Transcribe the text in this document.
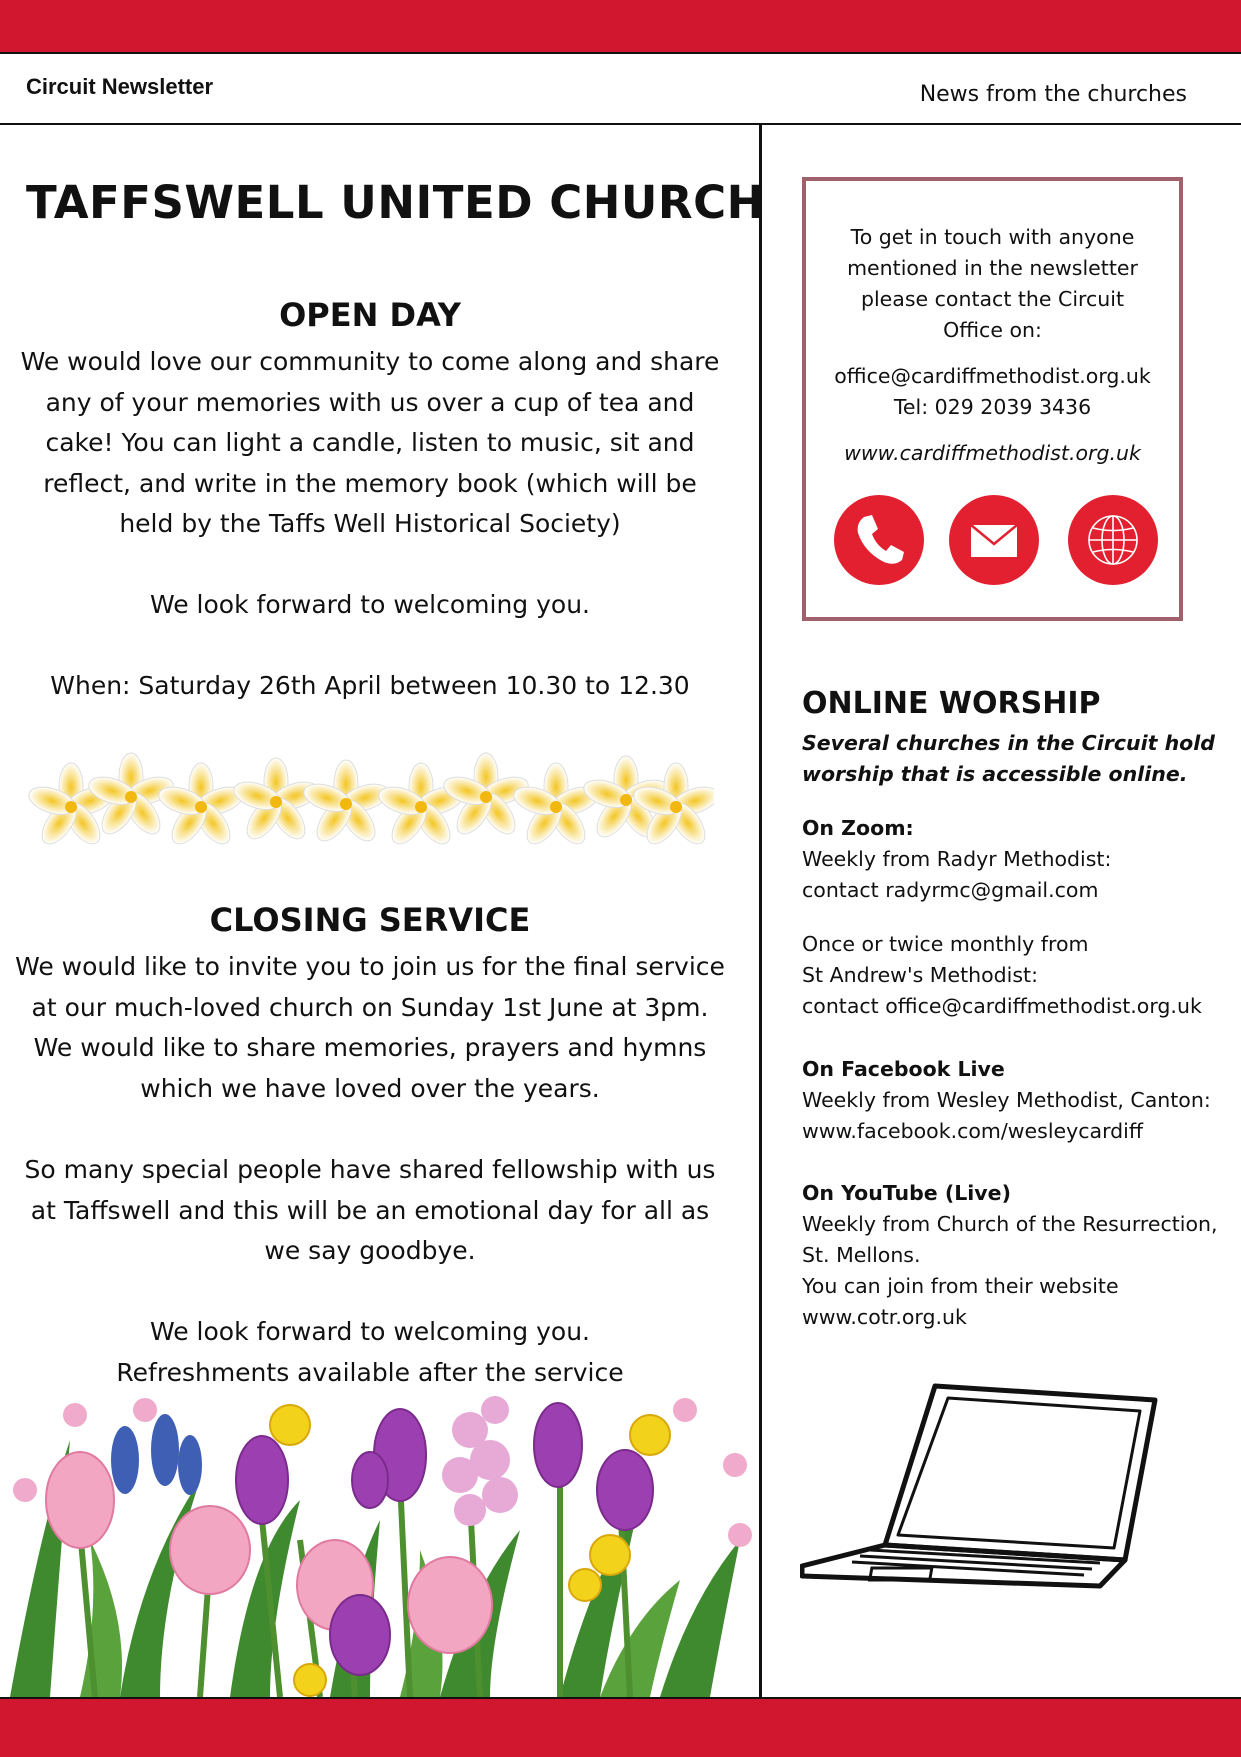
Circuit Newsletter	News from the churches
TAFFSWELL UNITED CHURCH
OPEN DAY
We would love our community to come along and share
any of your memories with us over a cup of tea and
cake! You can light a candle, listen to music, sit and
reflect, and write in the memory book (which will be
held by the Taffs Well Historical Society)
We look forward to welcoming you.
When: Saturday 26th April between 10.30 to 12.30
CLOSING SERVICE
We would like to invite you to join us for the final service
at our much-loved church on Sunday 1st June at 3pm.
We would like to share memories, prayers and hymns
which we have loved over the years.
So many special people have shared fellowship with us
at Taffswell and this will be an emotional day for all as
we say goodbye.
We look forward to welcoming you.
Refreshments available after the service
To get in touch with anyone
mentioned in the newsletter
please contact the Circuit
Office on:
office@cardiffmethodist.org.uk
Tel: 029 2039 3436
www.cardiffmethodist.org.uk
ONLINE WORSHIP
Several churches in the Circuit hold
worship that is accessible online.
On Zoom:
Weekly from Radyr Methodist:
contact radyrmc@gmail.com
Once or twice monthly from
St Andrew's Methodist:
contact office@cardiffmethodist.org.uk
On Facebook Live
Weekly from Wesley Methodist, Canton:
www.facebook.com/wesleycardiff
On YouTube (Live)
Weekly from Church of the Resurrection,
St. Mellons.
You can join from their website
www.cotr.org.uk
